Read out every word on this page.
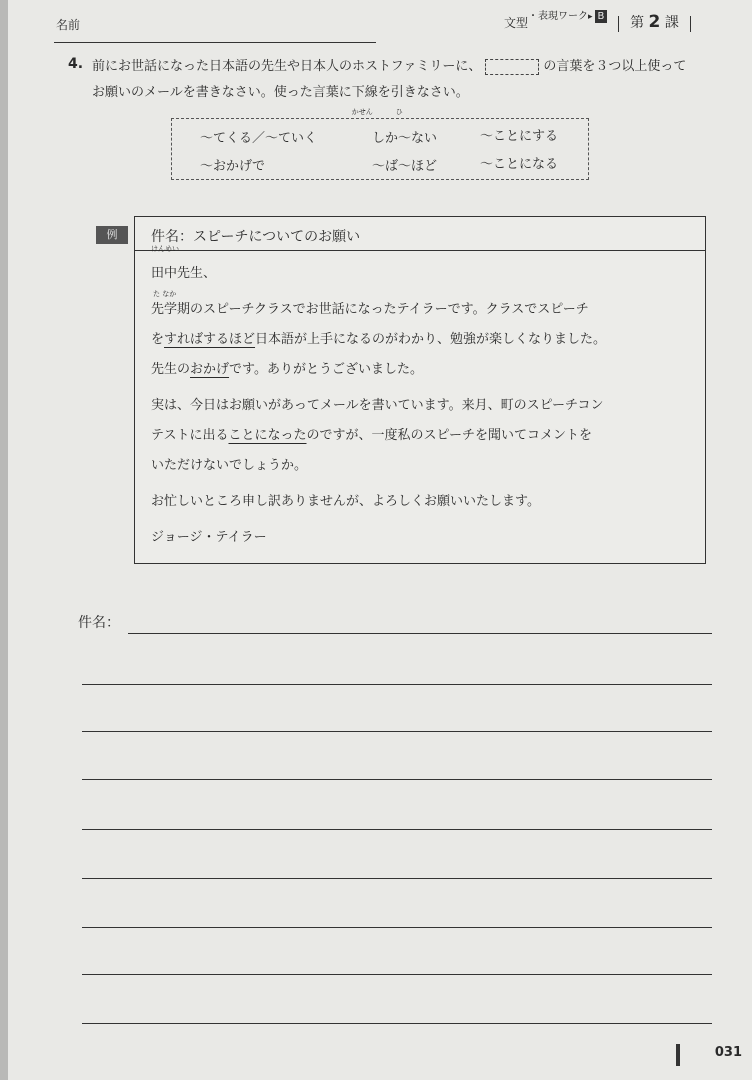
名前	文型$^{・表現ワーク▸}$ B 第 2 課
4. 前にお世話になった日本語の先生や日本人のホストファミリーに、	の言葉を３つ以上使って
お願いのメールを書きなさい。使った言葉に
かせん
下線を
ひ
引きなさい。
～てくる／～ていく	しか～ない	～ことにする
～おかげで	～ば～ほど	～ことになる
例	件名：スピーチについてのお願い
けんめい

田中先生、
た なか

先学期のスピーチクラスでお世話になったテイラーです。クラスでスピーチ

をすればするほど日本語が上手になるのがわかり、勉強が楽しくなりました。

先生のおかげです。ありがとうございました。

実は、今日はお願いがあってメールを書いています。来月、町のスピーチコン

テストに出ることになったのですが、一度私のスピーチを聞いてコメントを

いただけないでしょうか。

お忙しいところ申し訳ありませんが、よろしくお願いいたします。

ジョージ・テイラー

件名：
031
